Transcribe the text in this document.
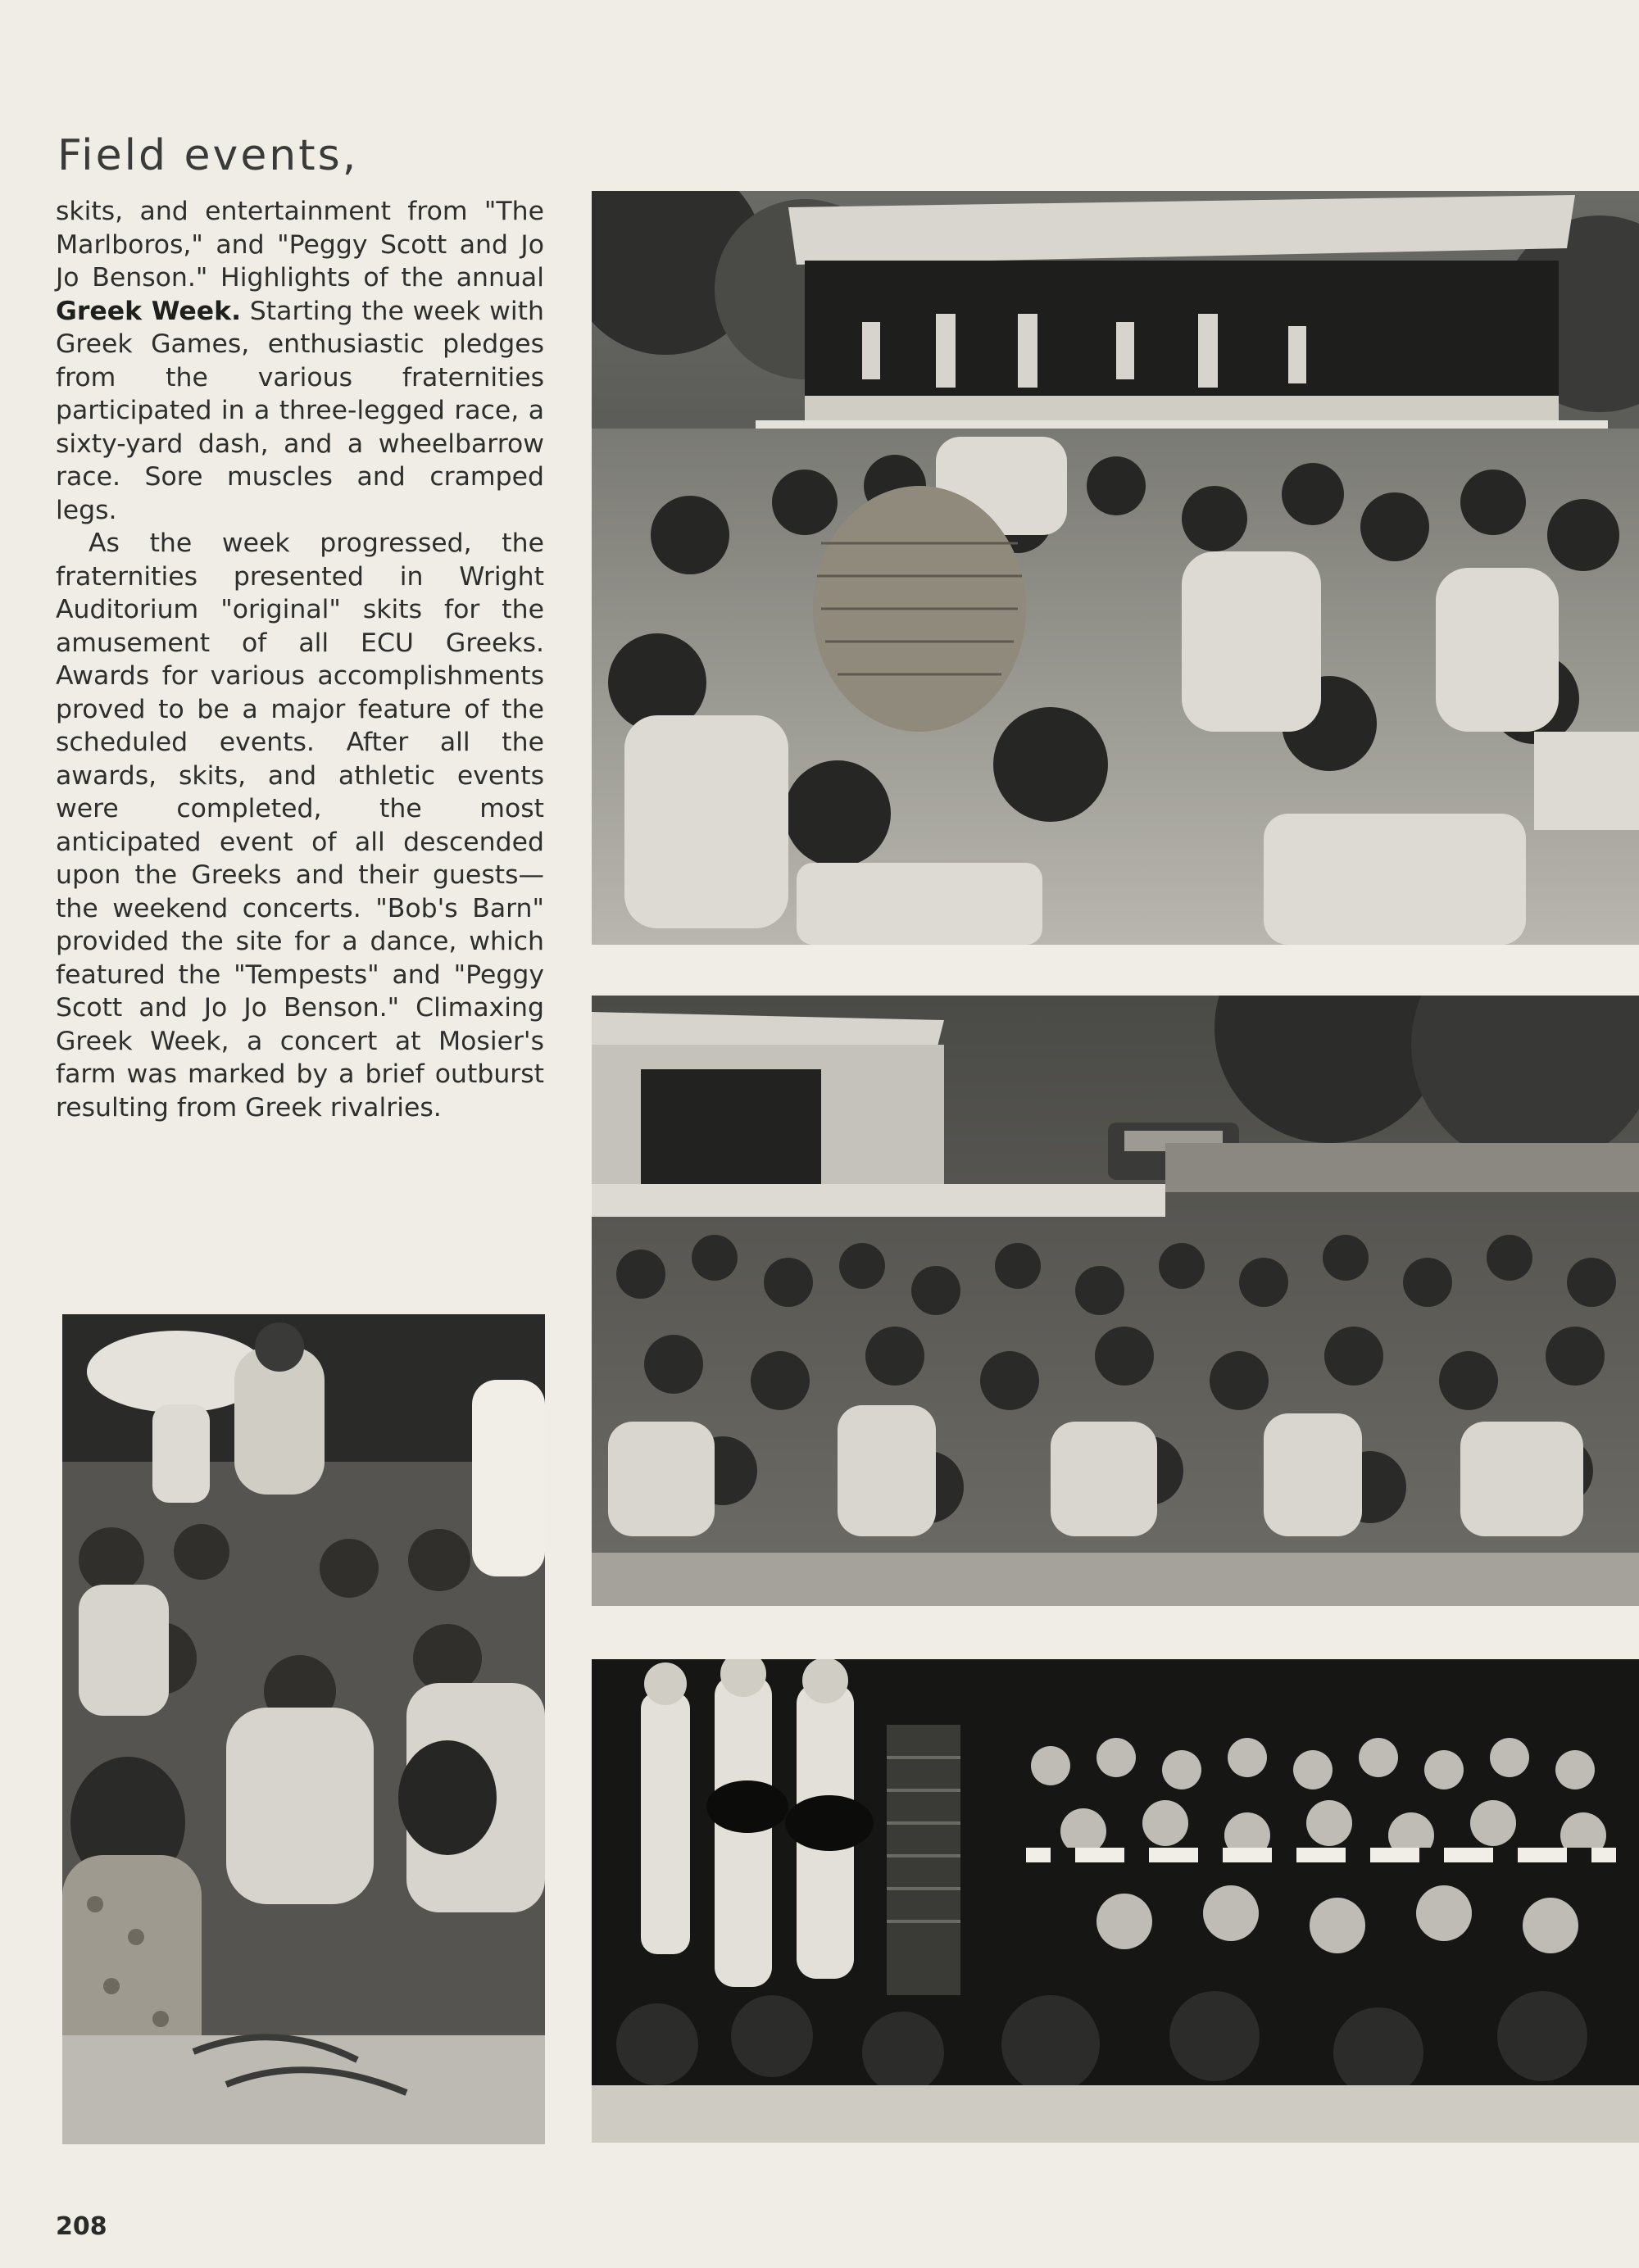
Field events,

skits, and entertainment from "The Marlboros," and "Peggy Scott and Jo Jo Benson." Highlights of the annual Greek Week. Starting the week with Greek Games, enthusiastic pledges from the various fraternities participated in a three-legged race, a sixty-yard dash, and a wheelbarrow race. Sore muscles and cramped legs.

As the week progressed, the fraternities presented in Wright Auditorium "original" skits for the amusement of all ECU Greeks. Awards for various accomplishments proved to be a major feature of the scheduled events. After all the awards, skits, and athletic events were completed, the most anticipated event of all descended upon the Greeks and their guests—the weekend concerts. "Bob's Barn" provided the site for a dance, which featured the "Tempests" and "Peggy Scott and Jo Jo Benson." Climaxing Greek Week, a concert at Mosier's farm was marked by a brief outburst resulting from Greek rivalries.

208
